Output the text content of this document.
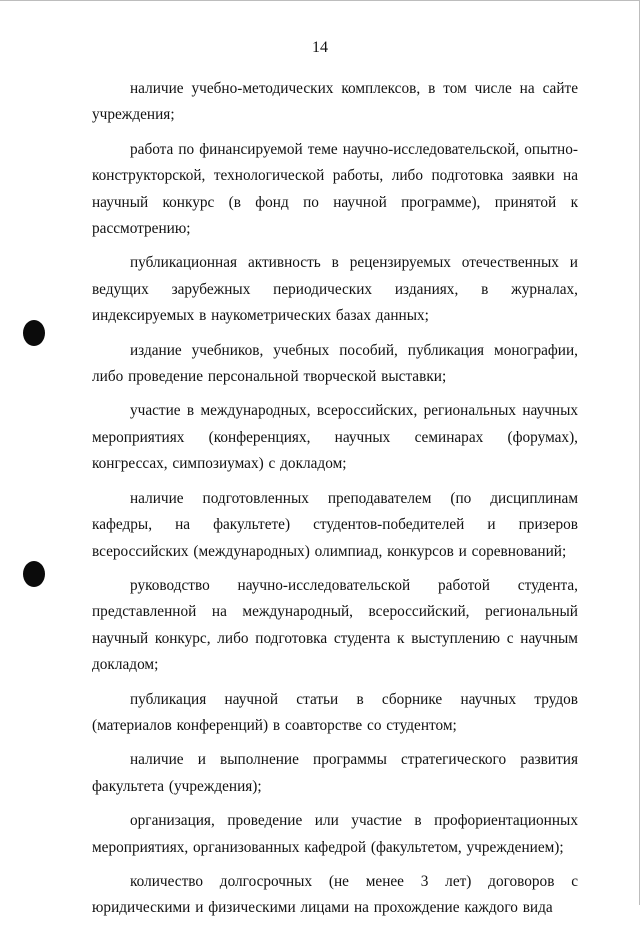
14

наличие учебно-методических комплексов, в том числе на сайте учреждения;

работа по финансируемой теме научно-исследовательской, опытно-конструкторской, технологической работы, либо подготовка заявки на научный конкурс (в фонд по научной программе), принятой к рассмотрению;

публикационная активность в рецензируемых отечественных и ведущих зарубежных периодических изданиях, в журналах, индексируемых в наукометрических базах данных;

издание учебников, учебных пособий, публикация монографии, либо проведение персональной творческой выставки;

участие в международных, всероссийских, региональных научных мероприятиях (конференциях, научных семинарах (форумах), конгрессах, симпозиумах) с докладом;

наличие подготовленных преподавателем (по дисциплинам кафедры, на факультете) студентов-победителей и призеров всероссийских (международных) олимпиад, конкурсов и соревнований;

руководство научно-исследовательской работой студента, представленной на международный, всероссийский, региональный научный конкурс, либо подготовка студента к выступлению с научным докладом;

публикация научной статьи в сборнике научных трудов (материалов конференций) в соавторстве со студентом;

наличие и выполнение программы стратегического развития факультета (учреждения);

организация, проведение или участие в профориентационных мероприятиях, организованных кафедрой (факультетом, учреждением);

количество долгосрочных (не менее 3 лет) договоров с юридическими и физическими лицами на прохождение каждого вида
